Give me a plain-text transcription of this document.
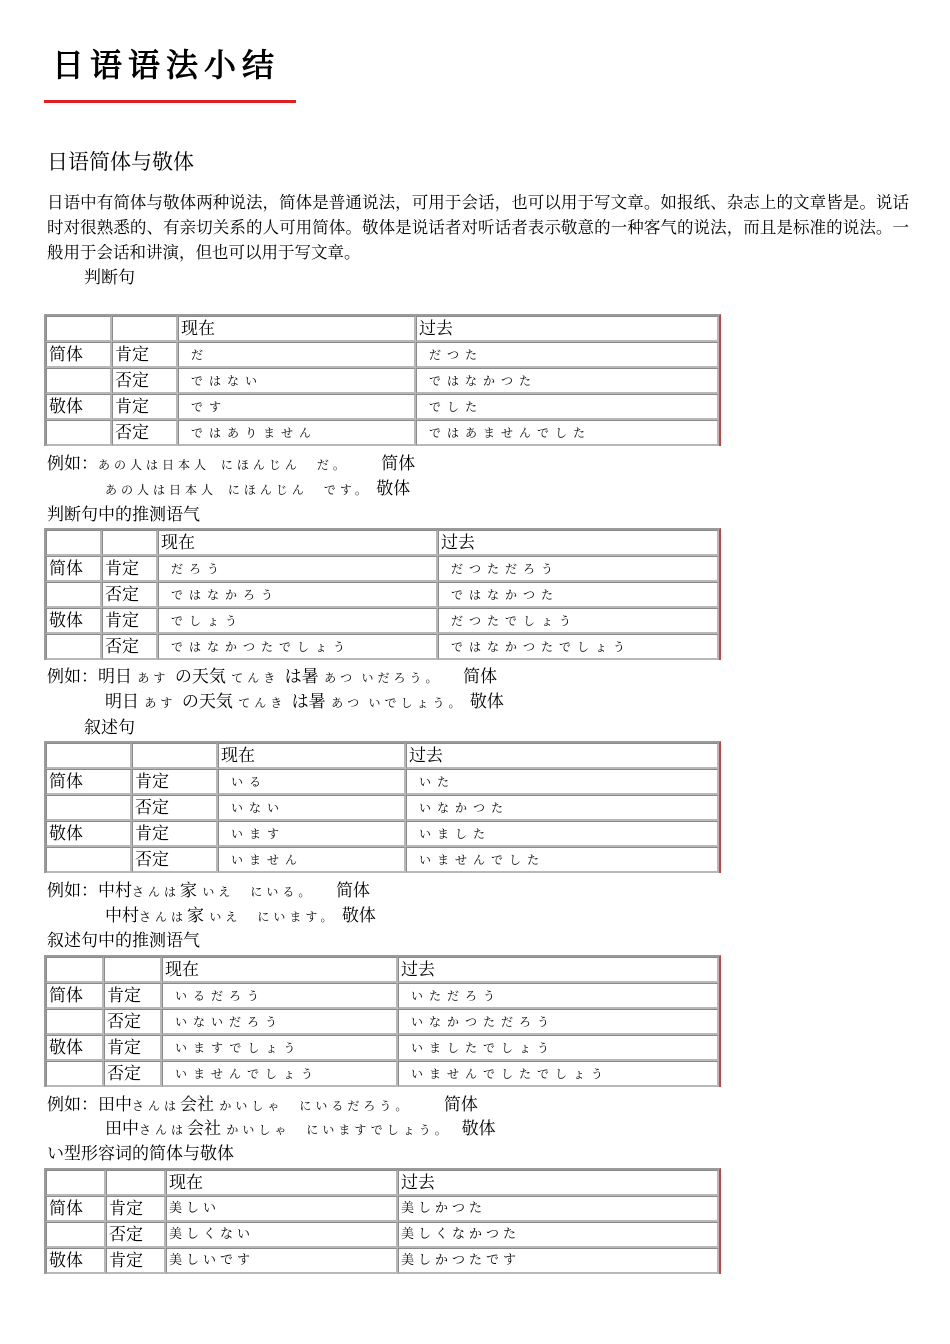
日语语法小结
日语简体与敬体
日语中有简体与敬体两种说法，简体是普通说法，可用于会话，也可以用于写文章。如报纸、杂志上的文章皆是。说话时对很熟悉的、有亲切关系的人可用简体。敬体是说话者对听话者表示敬意的一种客气的说法，而且是标准的说法。一般用于会话和讲演，但也可以用于写文章。
判断句
		现在	过去
简体	肯定	だ	だつた
	否定	ではない	ではなかつた
敬体	肯定	です	でした
	否定	ではありません	ではあませんでした
例如：あの人は日本人 にほんじん　だ。 简体
あの人は日本人 にほんじん　です。 敬体
判断句中的推测语气
		现在	过去
简体	肯定	だろう	だつただろう
	否定	ではなかろう	ではなかつた
敬体	肯定	でしょう	だつたでしょう
	否定	ではなかつたでしょう	ではなかつたでしょう
例如：明日 あす の天気 てんき は暑 あつ いだろう。 简体
明日 あす の天気 てんき は暑 あつ いでしょう。 敬体
叙述句
		现在	过去
简体	肯定	いる	いた
	否定	いない	いなかつた
敬体	肯定	います	いました
	否定	いません	いませんでした
例如：中村さんは家 いえ　にいる。 简体
中村さんは家 いえ　にいます。 敬体
叙述句中的推测语气
		现在	过去
简体	肯定	いるだろう	いただろう
	否定	いないだろう	いなかつただろう
敬体	肯定	いますでしょう	いましたでしょう
	否定	いませんでしょう	いませんでしたでしょう
例如：田中さんは会社 かいしゃ　にいるだろう。 简体
田中さんは会社 かいしゃ　にいますでしょう。 敬体
い型形容词的简体与敬体
		现在	过去
简体	肯定	美しい	美しかつた
	否定	美しくない	美しくなかつた
敬体	肯定	美しいです	美しかつたです
